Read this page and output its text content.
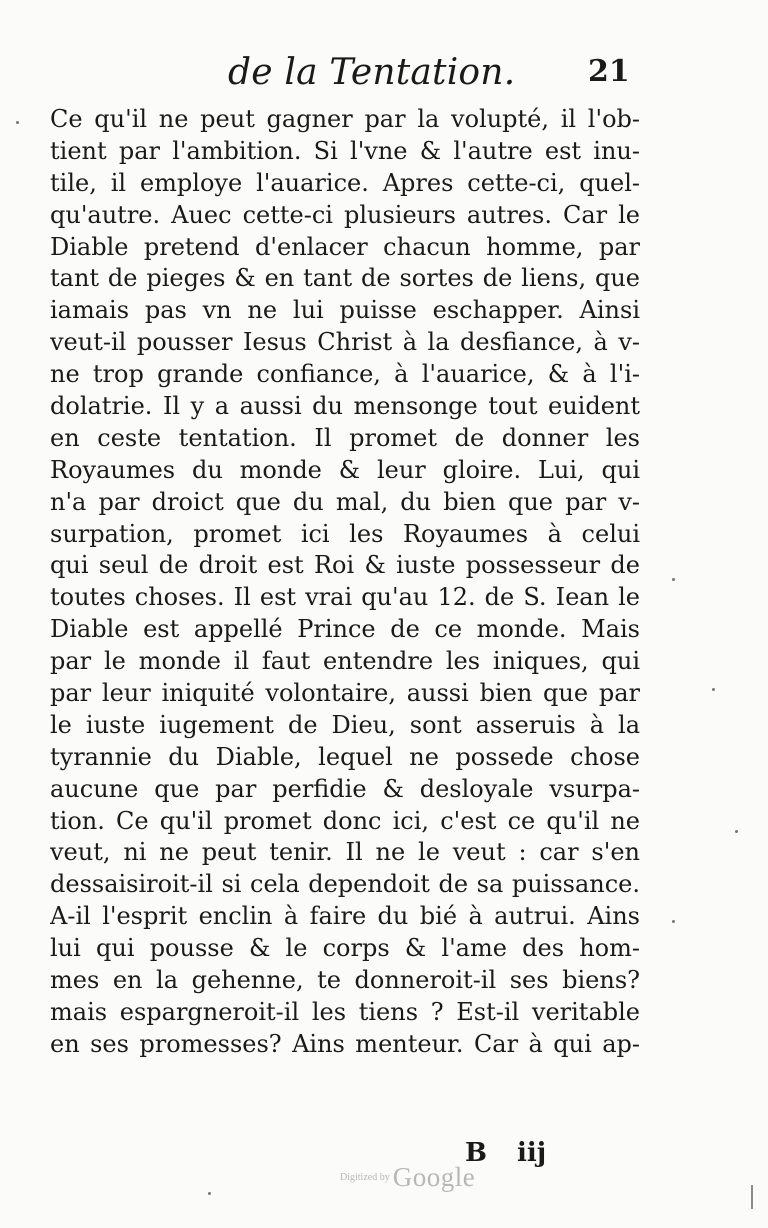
de la Tentation. 21
Ce qu'il ne peut gagner par la volupté, il l'ob-
tient par l'ambition. Si l'vne & l'autre est inu-
tile, il employe l'auarice. Apres cette-ci, quel-
qu'autre. Auec cette-ci plusieurs autres. Car le
Diable pretend d'enlacer chacun homme, par
tant de pieges & en tant de sortes de liens, que
iamais pas vn ne lui puisse eschapper. Ainsi
veut-il pousser Iesus Christ à la desfiance, à v-
ne trop grande confiance, à l'auarice, & à l'i-
dolatrie. Il y a aussi du mensonge tout euident
en ceste tentation. Il promet de donner les
Royaumes du monde & leur gloire. Lui, qui
n'a par droict que du mal, du bien que par v-
surpation, promet ici les Royaumes à celui
qui seul de droit est Roi & iuste possesseur de
toutes choses. Il est vrai qu'au 12. de S. Iean le
Diable est appellé Prince de ce monde. Mais
par le monde il faut entendre les iniques, qui
par leur iniquité volontaire, aussi bien que par
le iuste iugement de Dieu, sont asseruis à la
tyrannie du Diable, lequel ne possede chose
aucune que par perfidie & desloyale vsurpa-
tion. Ce qu'il promet donc ici, c'est ce qu'il ne
veut, ni ne peut tenir. Il ne le veut : car s'en
dessaisiroit-il si cela dependoit de sa puissance.
A-il l'esprit enclin à faire du bié à autrui. Ains
lui qui pousse & le corps & l'ame des hom-
mes en la gehenne, te donneroit-il ses biens?
mais espargneroit-il les tiens ? Est-il veritable
en ses promesses? Ains menteur. Car à qui ap-
B iij
Digitized by Google
